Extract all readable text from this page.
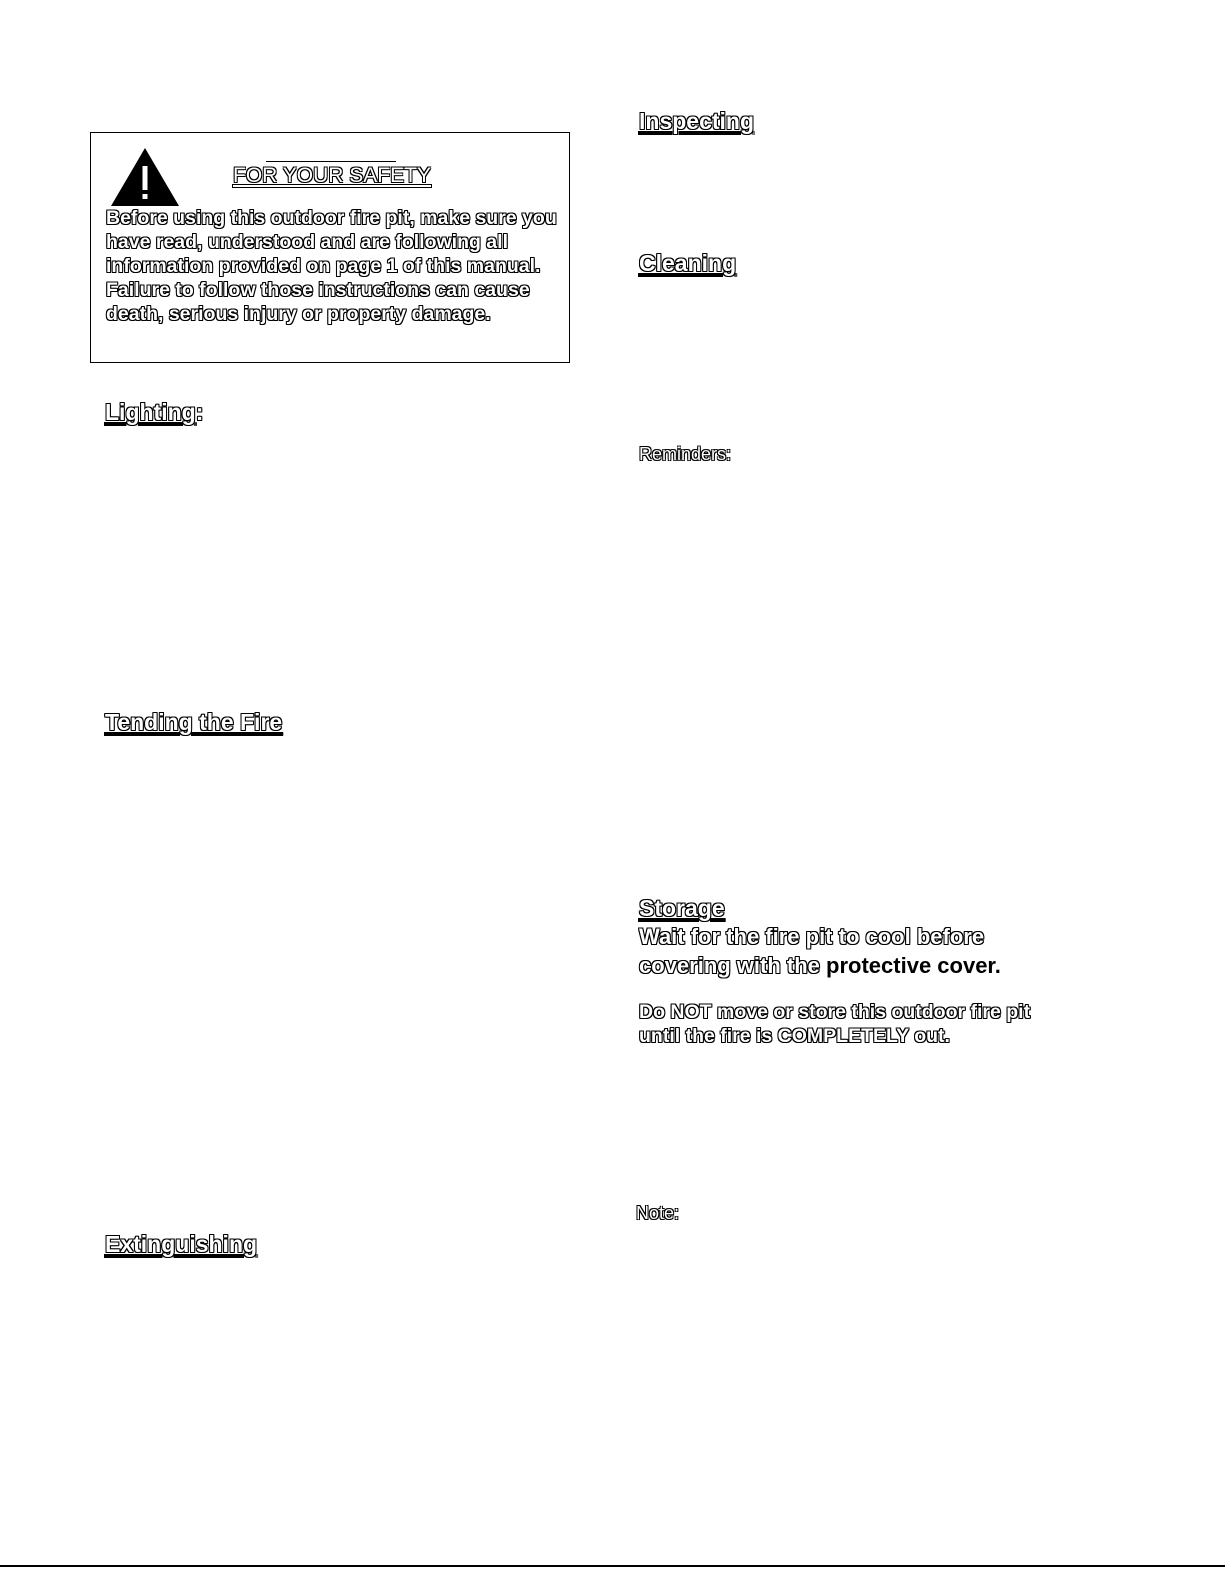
FOR YOUR SAFETY
Before using this outdoor fire pit, make sure you
have read, understood and are following all
information provided on page 1 of this manual.
Failure to follow those instructions can cause
death, serious injury or property damage.
Lighting:
Tending the Fire
Extinguishing
Inspecting
Cleaning
Reminders:
Storage
Wait for the fire pit to cool before
covering with the protective cover.
Do NOT move or store this outdoor fire pit
until the fire is COMPLETELY out.
Note:
